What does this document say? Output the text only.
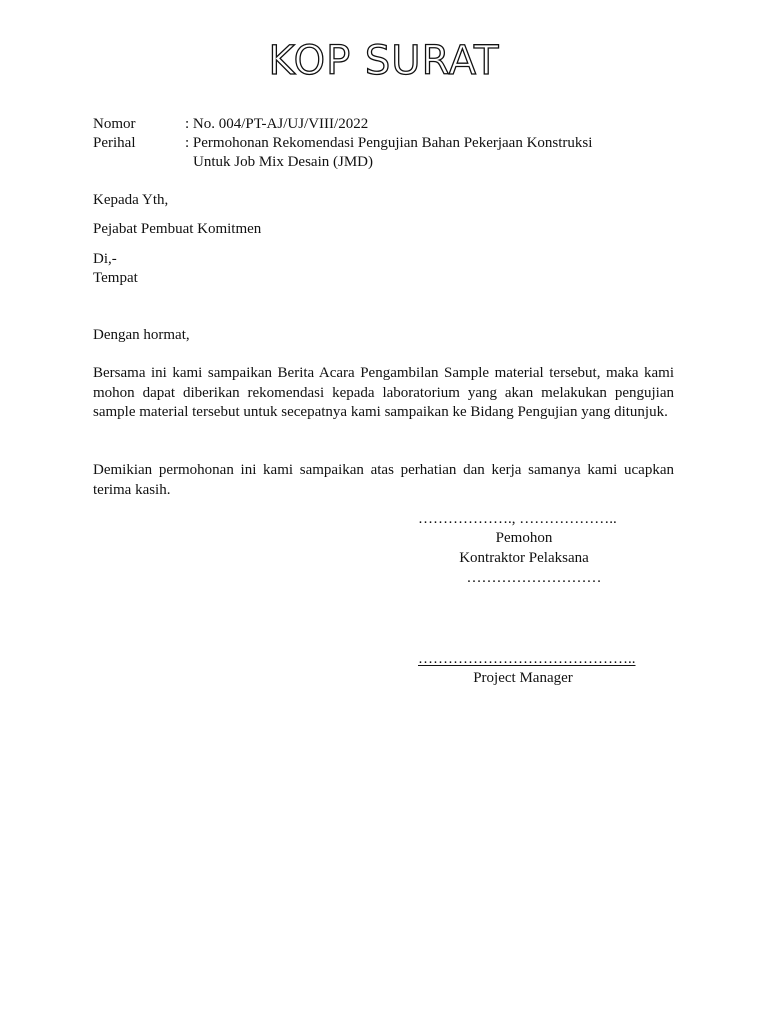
KOP SURAT
Nomor	: No. 004/PT-AJ/UJ/VIII/2022
Perihal	: Permohonan Rekomendasi Pengujian Bahan Pekerjaan Konstruksi
Untuk Job Mix Desain (JMD)
Kepada Yth,
Pejabat Pembuat Komitmen
Di,-
Tempat
Dengan hormat,
Bersama ini kami sampaikan Berita Acara Pengambilan Sample material tersebut, maka kami mohon dapat diberikan rekomendasi kepada laboratorium yang akan melakukan pengujian sample material tersebut untuk secepatnya kami sampaikan ke Bidang Pengujian yang ditunjuk.
Demikian permohonan ini kami sampaikan atas perhatian dan kerja samanya kami ucapkan terima kasih.
………………., ………………..
Pemohon
Kontraktor Pelaksana
………………………
……………………………………..
Project Manager
